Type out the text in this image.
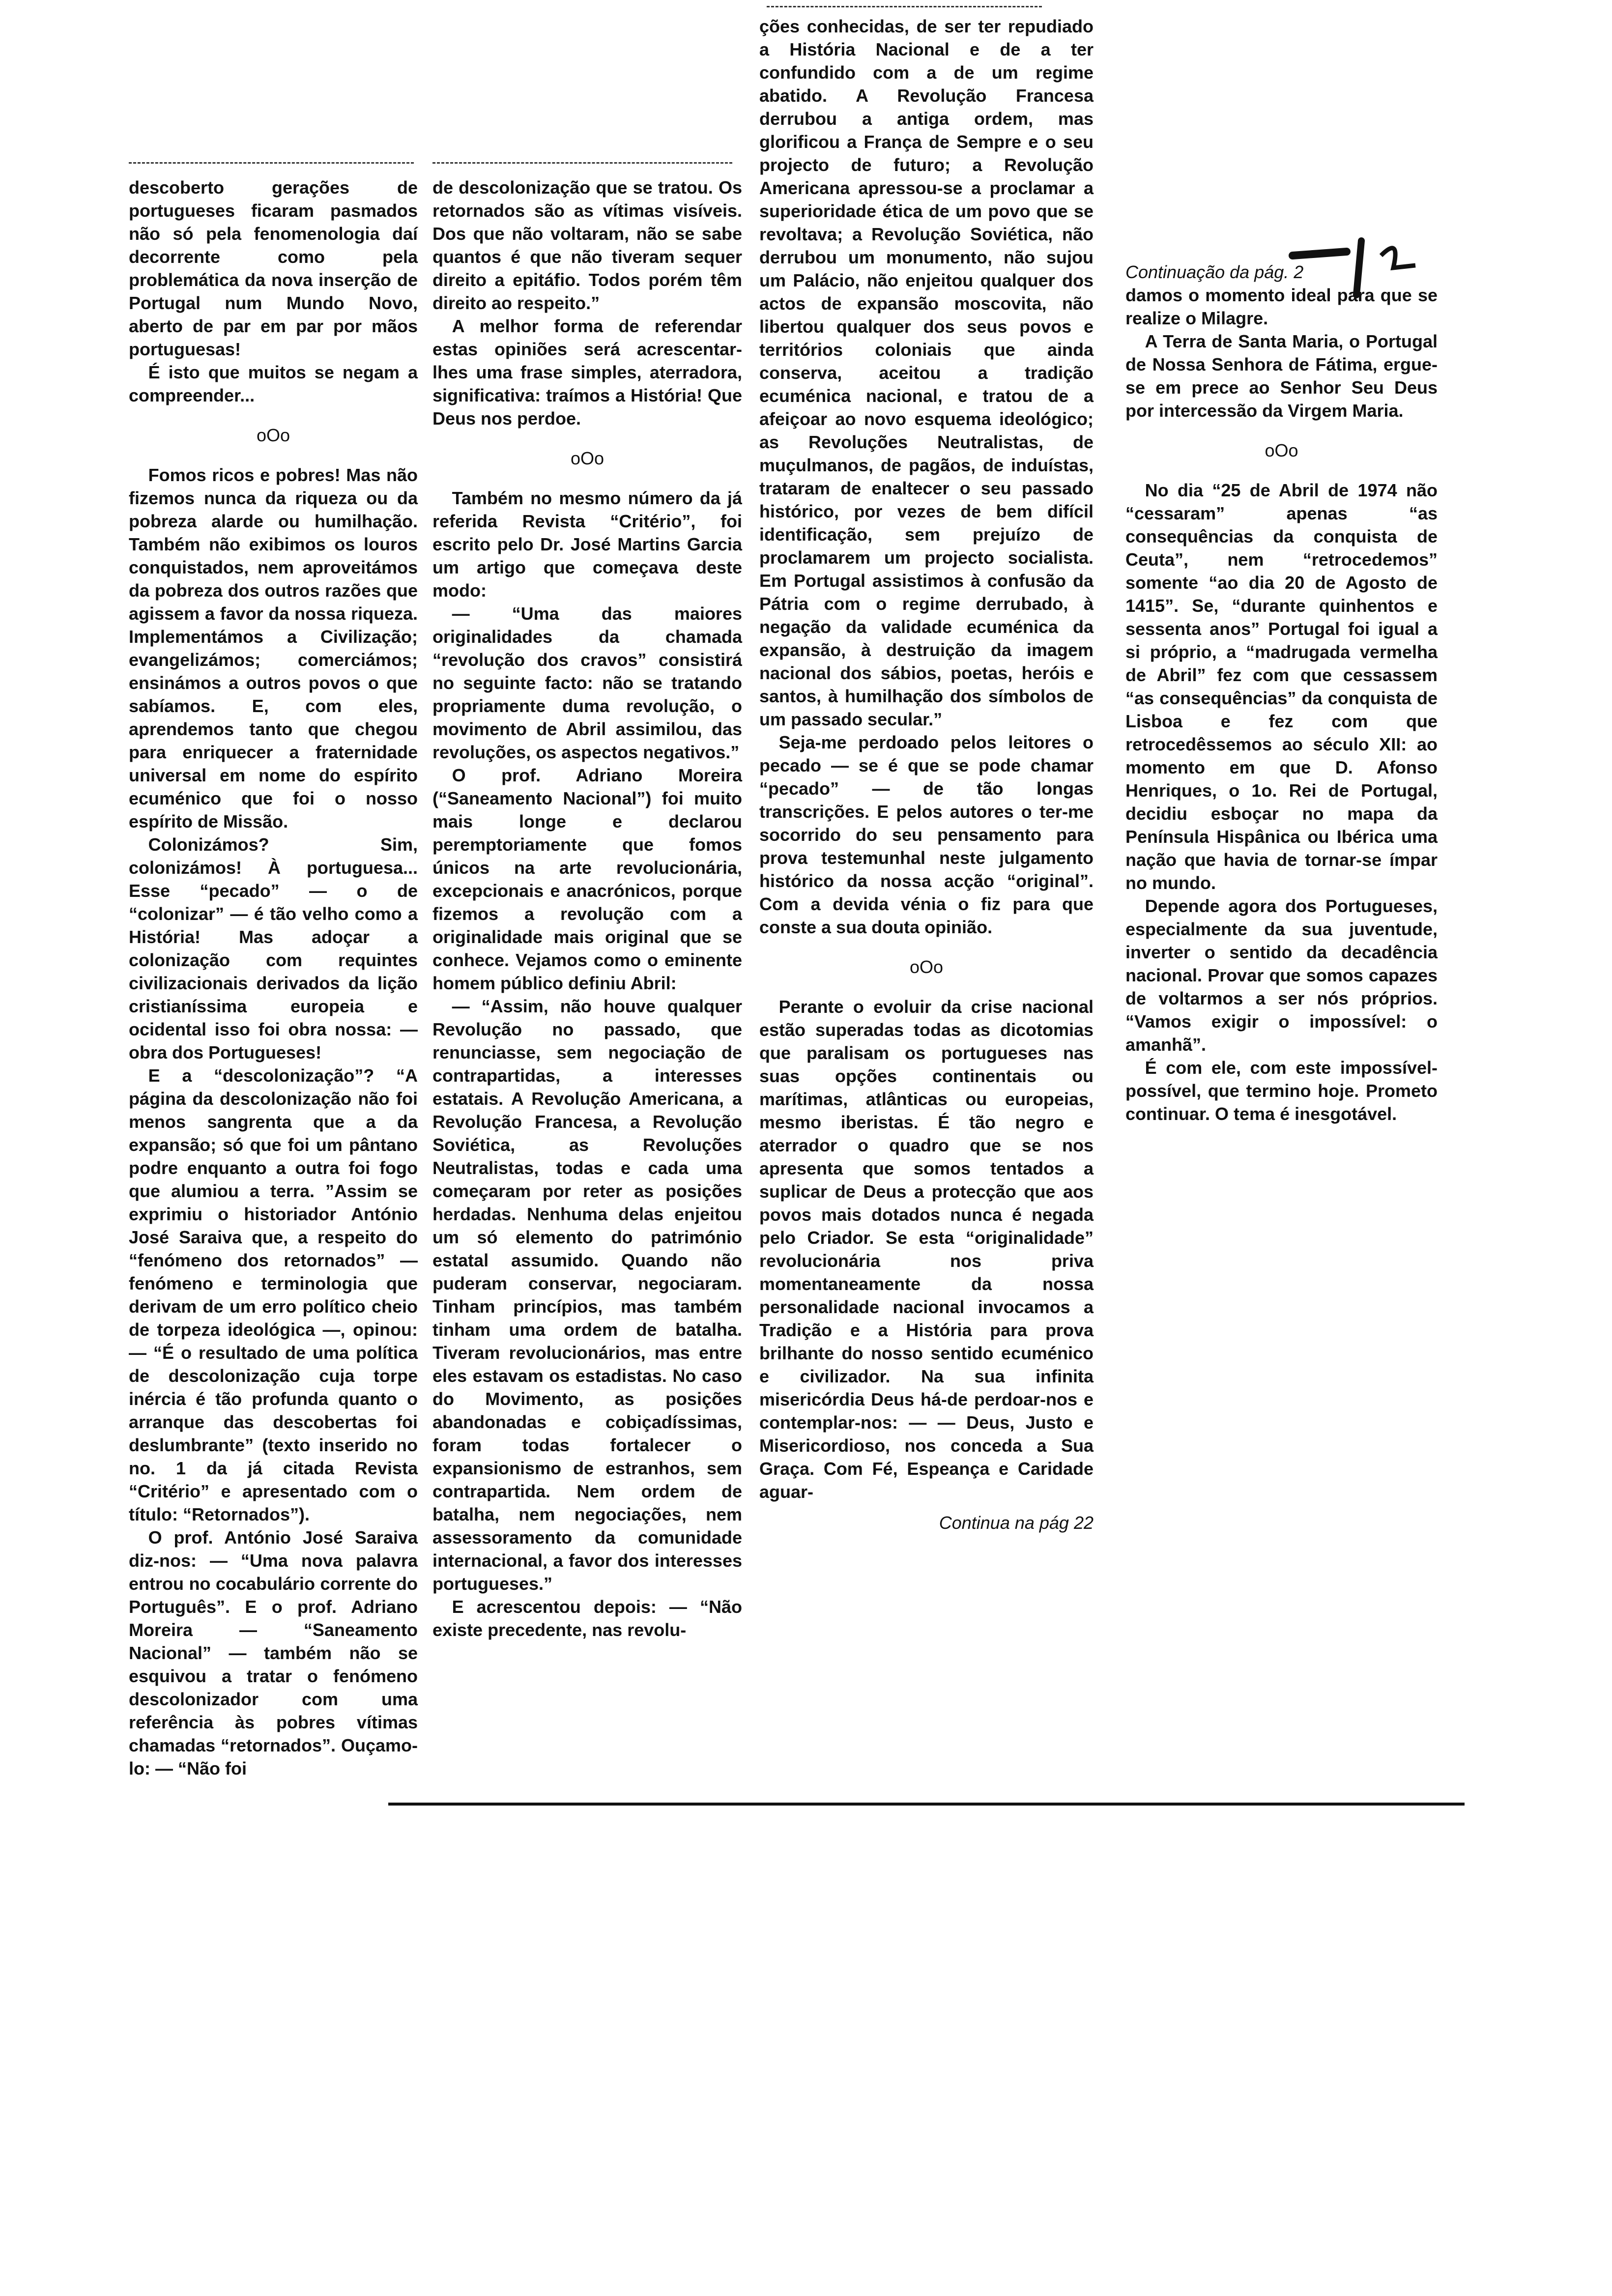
descoberto gerações de portugueses ficaram pasmados não só pela fenomenologia daí decorrente como pela problemática da nova inserção de Portugal num Mundo Novo, aberto de par em par por mãos portuguesas!

É isto que muitos se negam a compreender...

oOo

Fomos ricos e pobres! Mas não fizemos nunca da riqueza ou da pobreza alarde ou humilhação. Também não exibimos os louros conquistados, nem aproveitámos da pobreza dos outros razões que agissem a favor da nossa riqueza. Implementámos a Civilização; evangelizámos; comerciámos; ensinámos a outros povos o que sabíamos. E, com eles, aprendemos tanto que chegou para enriquecer a fraternidade universal em nome do espírito ecuménico que foi o nosso espírito de Missão.

Colonizámos? Sim, colonizámos! À portuguesa... Esse “pecado” — o de “colonizar” — é tão velho como a História! Mas adoçar a colonização com requintes civilizacionais derivados da lição cristianíssima europeia e ocidental isso foi obra nossa: — obra dos Portugueses!

E a “descolonização”? “A página da descolonização não foi menos sangrenta que a da expansão; só que foi um pântano podre enquanto a outra foi fogo que alumiou a terra. ”Assim se exprimiu o historiador António José Saraiva que, a respeito do “fenómeno dos retornados” — fenómeno e terminologia que derivam de um erro político cheio de torpeza ideológica —, opinou: — “É o resultado de uma política de descolonização cuja torpe inércia é tão profunda quanto o arranque das descobertas foi deslumbrante” (texto inserido no no. 1 da já citada Revista “Critério” e apresentado com o título: “Retornados”).

O prof. António José Saraiva diz-nos: — “Uma nova palavra entrou no cocabulário corrente do Português”. E o prof. Adriano Moreira — “Saneamento Nacional” — também não se esquivou a tratar o fenómeno descolonizador com uma referência às pobres vítimas chamadas “retornados”. Ouçamo-lo: — “Não foi

de descolonização que se tratou. Os retornados são as vítimas visíveis. Dos que não voltaram, não se sabe quantos é que não tiveram sequer direito a epitáfio. Todos porém têm direito ao respeito.”

A melhor forma de referendar estas opiniões será acrescentar-lhes uma frase simples, aterradora, significativa: traímos a História! Que Deus nos perdoe.

oOo

Também no mesmo número da já referida Revista “Critério”, foi escrito pelo Dr. José Martins Garcia um artigo que começava deste modo:

— “Uma das maiores originalidades da chamada “revolução dos cravos” consistirá no seguinte facto: não se tratando propriamente duma revolução, o movimento de Abril assimilou, das revoluções, os aspectos negativos.”

O prof. Adriano Moreira (“Saneamento Nacional”) foi muito mais longe e declarou peremptoriamente que fomos únicos na arte revolucionária, excepcionais e anacrónicos, porque fizemos a revolução com a originalidade mais original que se conhece. Vejamos como o eminente homem público definiu Abril:

— “Assim, não houve qualquer Revolução no passado, que renunciasse, sem negociação de contrapartidas, a interesses estatais. A Revolução Americana, a Revolução Francesa, a Revolução Soviética, as Revoluções Neutralistas, todas e cada uma começaram por reter as posições herdadas. Nenhuma delas enjeitou um só elemento do património estatal assumido. Quando não puderam conservar, negociaram. Tinham princípios, mas também tinham uma ordem de batalha. Tiveram revolucionários, mas entre eles estavam os estadistas. No caso do Movimento, as posições abandonadas e cobiçadíssimas, foram todas fortalecer o expansionismo de estranhos, sem contrapartida. Nem ordem de batalha, nem negociações, nem assessoramento da comunidade internacional, a favor dos interesses portugueses.”

E acrescentou depois: — “Não existe precedente, nas revolu-

ções conhecidas, de ser ter repudiado a História Nacional e de a ter confundido com a de um regime abatido. A Revolução Francesa derrubou a antiga ordem, mas glorificou a França de Sempre e o seu projecto de futuro; a Revolução Americana apressou-se a proclamar a superioridade ética de um povo que se revoltava; a Revolução Soviética, não derrubou um monumento, não sujou um Palácio, não enjeitou qualquer dos actos de expansão moscovita, não libertou qualquer dos seus povos e territórios coloniais que ainda conserva, aceitou a tradição ecuménica nacional, e tratou de a afeiçoar ao novo esquema ideológico; as Revoluções Neutralistas, de muçulmanos, de pagãos, de induístas, trataram de enaltecer o seu passado histórico, por vezes de bem difícil identificação, sem prejuízo de proclamarem um projecto socialista. Em Portugal assistimos à confusão da Pátria com o regime derrubado, à negação da validade ecuménica da expansão, à destruição da imagem nacional dos sábios, poetas, heróis e santos, à humilhação dos símbolos de um passado secular.”

Seja-me perdoado pelos leitores o pecado — se é que se pode chamar “pecado” — de tão longas transcrições. E pelos autores o ter-me socorrido do seu pensamento para prova testemunhal neste julgamento histórico da nossa acção “original”. Com a devida vénia o fiz para que conste a sua douta opinião.

oOo

Perante o evoluir da crise nacional estão superadas todas as dicotomias que paralisam os portugueses nas suas opções continentais ou marítimas, atlânticas ou europeias, mesmo iberistas. É tão negro e aterrador o quadro que se nos apresenta que somos tentados a suplicar de Deus a protecção que aos povos mais dotados nunca é negada pelo Criador. Se esta “originalidade” revolucionária nos priva momentaneamente da nossa personalidade nacional invocamos a Tradição e a História para prova brilhante do nosso sentido ecuménico e civilizador. Na sua infinita misericórdia Deus há-de perdoar-nos e contemplar-nos: — — Deus, Justo e Misericordioso, nos conceda a Sua Graça. Com Fé, Espeança e Caridade aguar-

Continua na pág 22

Continuação da pág. 2

damos o momento ideal para que se realize o Milagre.

A Terra de Santa Maria, o Portugal de Nossa Senhora de Fátima, ergue-se em prece ao Senhor Seu Deus por intercessão da Virgem Maria.

oOo

No dia “25 de Abril de 1974 não “cessaram” apenas “as consequências da conquista de Ceuta”, nem “retrocedemos” somente “ao dia 20 de Agosto de 1415”. Se, “durante quinhentos e sessenta anos” Portugal foi igual a si próprio, a “madrugada vermelha de Abril” fez com que cessassem “as consequências” da conquista de Lisboa e fez com que retrocedêssemos ao século XII: ao momento em que D. Afonso Henriques, o 1o. Rei de Portugal, decidiu esboçar no mapa da Península Hispânica ou Ibérica uma nação que havia de tornar-se ímpar no mundo.

Depende agora dos Portugueses, especialmente da sua juventude, inverter o sentido da decadência nacional. Provar que somos capazes de voltarmos a ser nós próprios. “Vamos exigir o impossível: o amanhã”.

É com ele, com este impossível-possível, que termino hoje. Prometo continuar. O tema é inesgotável.
